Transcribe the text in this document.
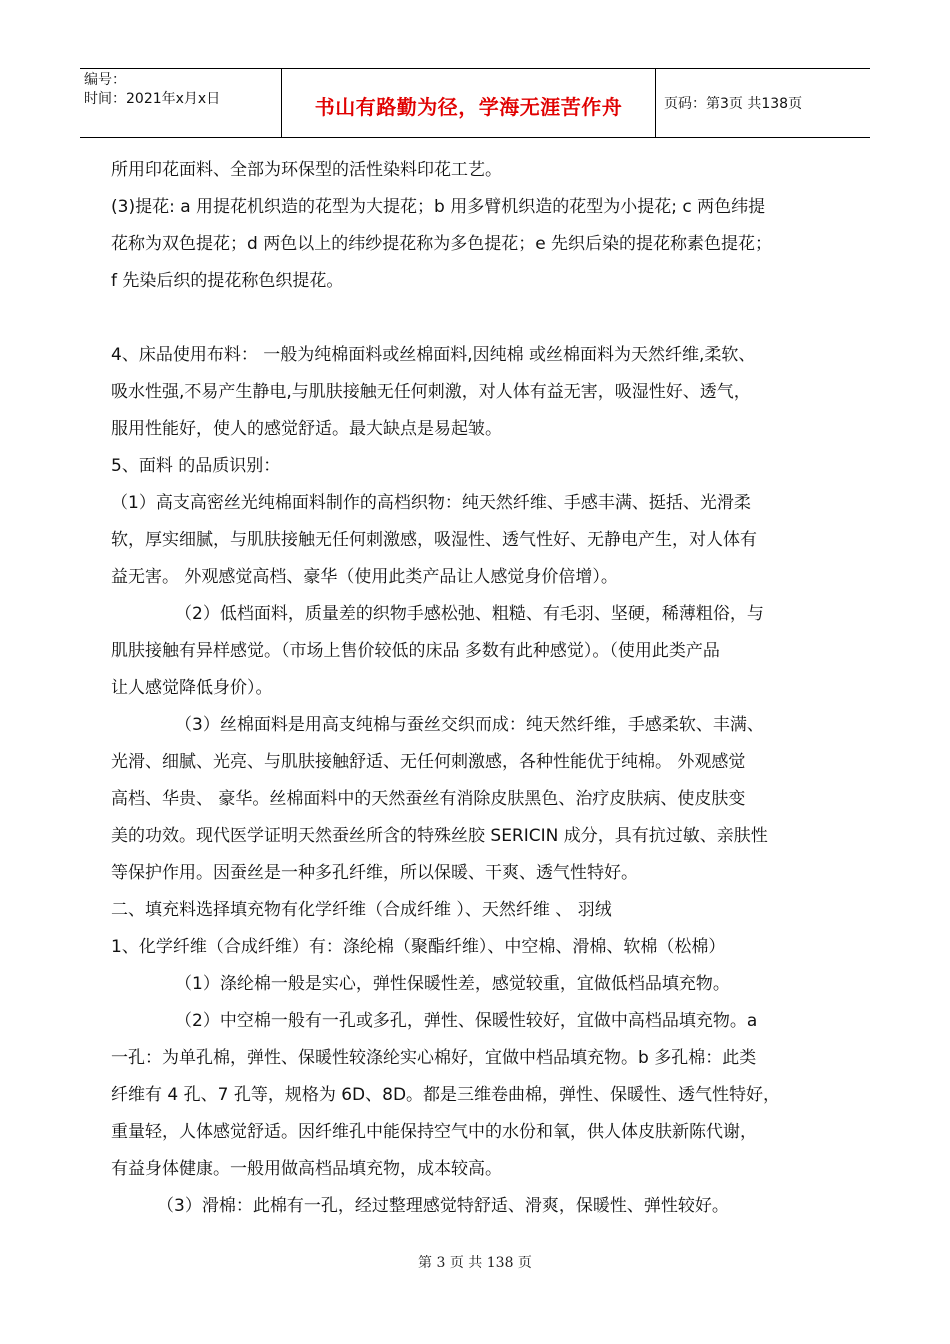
编号：
时间：2021年x月x日	书山有路勤为径，学海无涯苦作舟	页码：第3页 共138页

所用印花面料、全部为环保型的活性染料印花工艺。

(3)提花: a 用提花机织造的花型为大提花；b 用多臂机织造的花型为小提花; c 两色纬提

花称为双色提花；d 两色以上的纬纱提花称为多色提花；e 先织后染的提花称素色提花；

f 先染后织的提花称色织提花。

4、床品使用布料： 一般为纯棉面料或丝棉面料,因纯棉 或丝棉面料为天然纤维,柔软、

吸水性强,不易产生静电,与肌肤接触无任何刺激，对人体有益无害，吸湿性好、透气，

服用性能好，使人的感觉舒适。最大缺点是易起皱。

5、面料 的品质识别：

（1）高支高密丝光纯棉面料制作的高档织物：纯天然纤维、手感丰满、挺括、光滑柔

软，厚实细腻，与肌肤接触无任何刺激感，吸湿性、透气性好、无静电产生，对人体有

益无害。 外观感觉高档、豪华（使用此类产品让人感觉身价倍增）。

（2）低档面料，质量差的织物手感松弛、粗糙、有毛羽、坚硬，稀薄粗俗，与

肌肤接触有异样感觉。（市场上售价较低的床品 多数有此种感觉）。（使用此类产品

让人感觉降低身价）。

（3）丝棉面料是用高支纯棉与蚕丝交织而成：纯天然纤维，手感柔软、丰满、

光滑、细腻、光亮、与肌肤接触舒适、无任何刺激感，各种性能优于纯棉。 外观感觉

高档、华贵、 豪华。丝棉面料中的天然蚕丝有消除皮肤黑色、治疗皮肤病、使皮肤变

美的功效。现代医学证明天然蚕丝所含的特殊丝胶 SERICIN 成分，具有抗过敏、亲肤性

等保护作用。因蚕丝是一种多孔纤维，所以保暖、干爽、透气性特好。

二、填充料选择填充物有化学纤维（合成纤维 ）、天然纤维 、 羽绒

1、化学纤维（合成纤维）有：涤纶棉（聚酯纤维）、中空棉、滑棉、软棉（松棉）

（1）涤纶棉一般是实心，弹性保暖性差，感觉较重，宜做低档品填充物。

（2）中空棉一般有一孔或多孔，弹性、保暖性较好，宜做中高档品填充物。a

一孔：为单孔棉，弹性、保暖性较涤纶实心棉好，宜做中档品填充物。b 多孔棉：此类

纤维有 4 孔、7 孔等，规格为 6D、8D。都是三维卷曲棉，弹性、保暖性、透气性特好，

重量轻，人体感觉舒适。因纤维孔中能保持空气中的水份和氧，供人体皮肤新陈代谢，

有益身体健康。一般用做高档品填充物，成本较高。

（3）滑棉：此棉有一孔，经过整理感觉特舒适、滑爽，保暖性、弹性较好。

第 3 页 共 138 页
